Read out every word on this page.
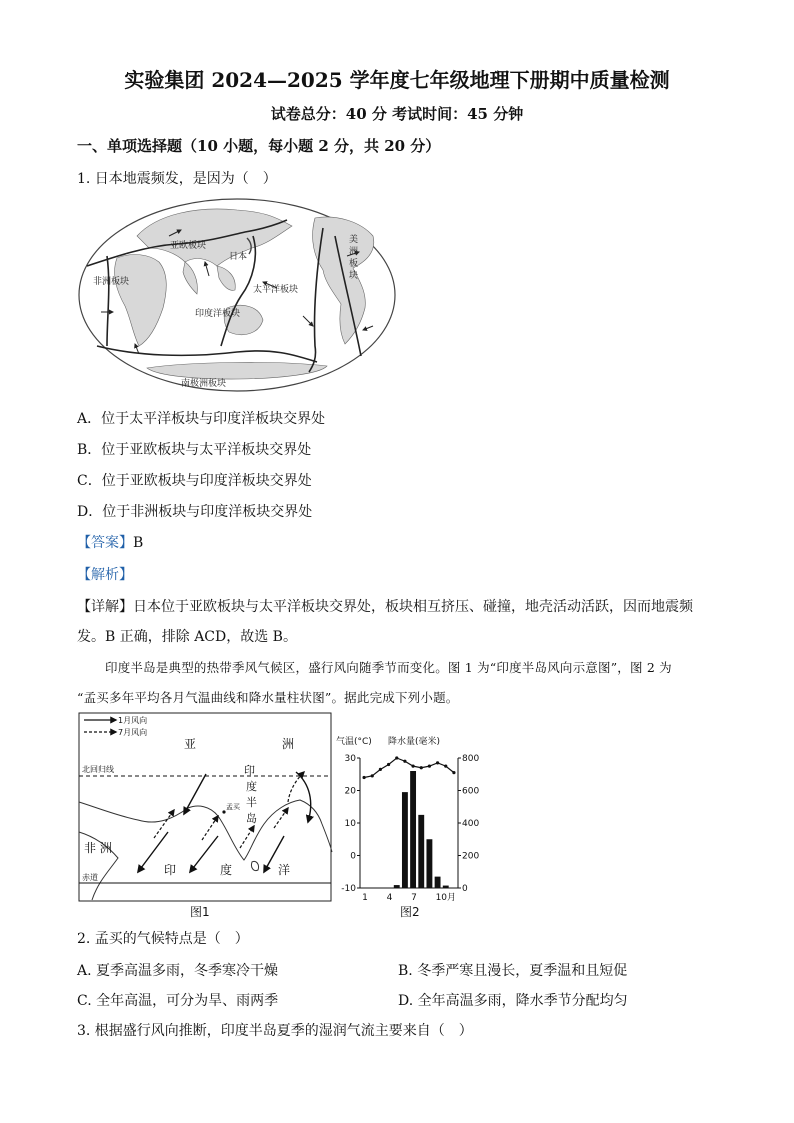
实验集团 2024—2025 学年度七年级地理下册期中质量检测

试卷总分：40 分 考试时间：45 分钟

一、单项选择题（10 小题，每小题 2 分，共 20 分）

1. 日本地震频发，是因为（　）

亚欧板块
日本
非洲板块
太平洋板块
印度洋板块
南极洲板块
美
洲
板
块

A．位于太平洋板块与印度洋板块交界处

B．位于亚欧板块与太平洋板块交界处

C．位于亚欧板块与印度洋板块交界处

D．位于非洲板块与印度洋板块交界处

【答案】B

【解析】

【详解】日本位于亚欧板块与太平洋板块交界处，板块相互挤压、碰撞，地壳活动活跃，因而地震频

发。B 正确，排除 ACD，故选 B。

印度半岛是典型的热带季风气候区，盛行风向随季节而变化。图 1 为“印度半岛风向示意图”，图 2 为

“孟买多年平均各月气温曲线和降水量柱状图”。据此完成下列小题。

1月风向
7月风向
北回归线
赤道
亚	洲
印
度
半
岛
孟买
非 洲
印	度	洋
图1
气温(°C) 降水量(毫米)
30
20
10
0
-10
800
600
400
200
0
1 4 7 10月
图2

2. 孟买的气候特点是（　）

A. 夏季高温多雨，冬季寒冷干燥	B. 冬季严寒且漫长，夏季温和且短促

C. 全年高温，可分为旱、雨两季	D. 全年高温多雨，降水季节分配均匀

3. 根据盛行风向推断，印度半岛夏季的湿润气流主要来自（　）
